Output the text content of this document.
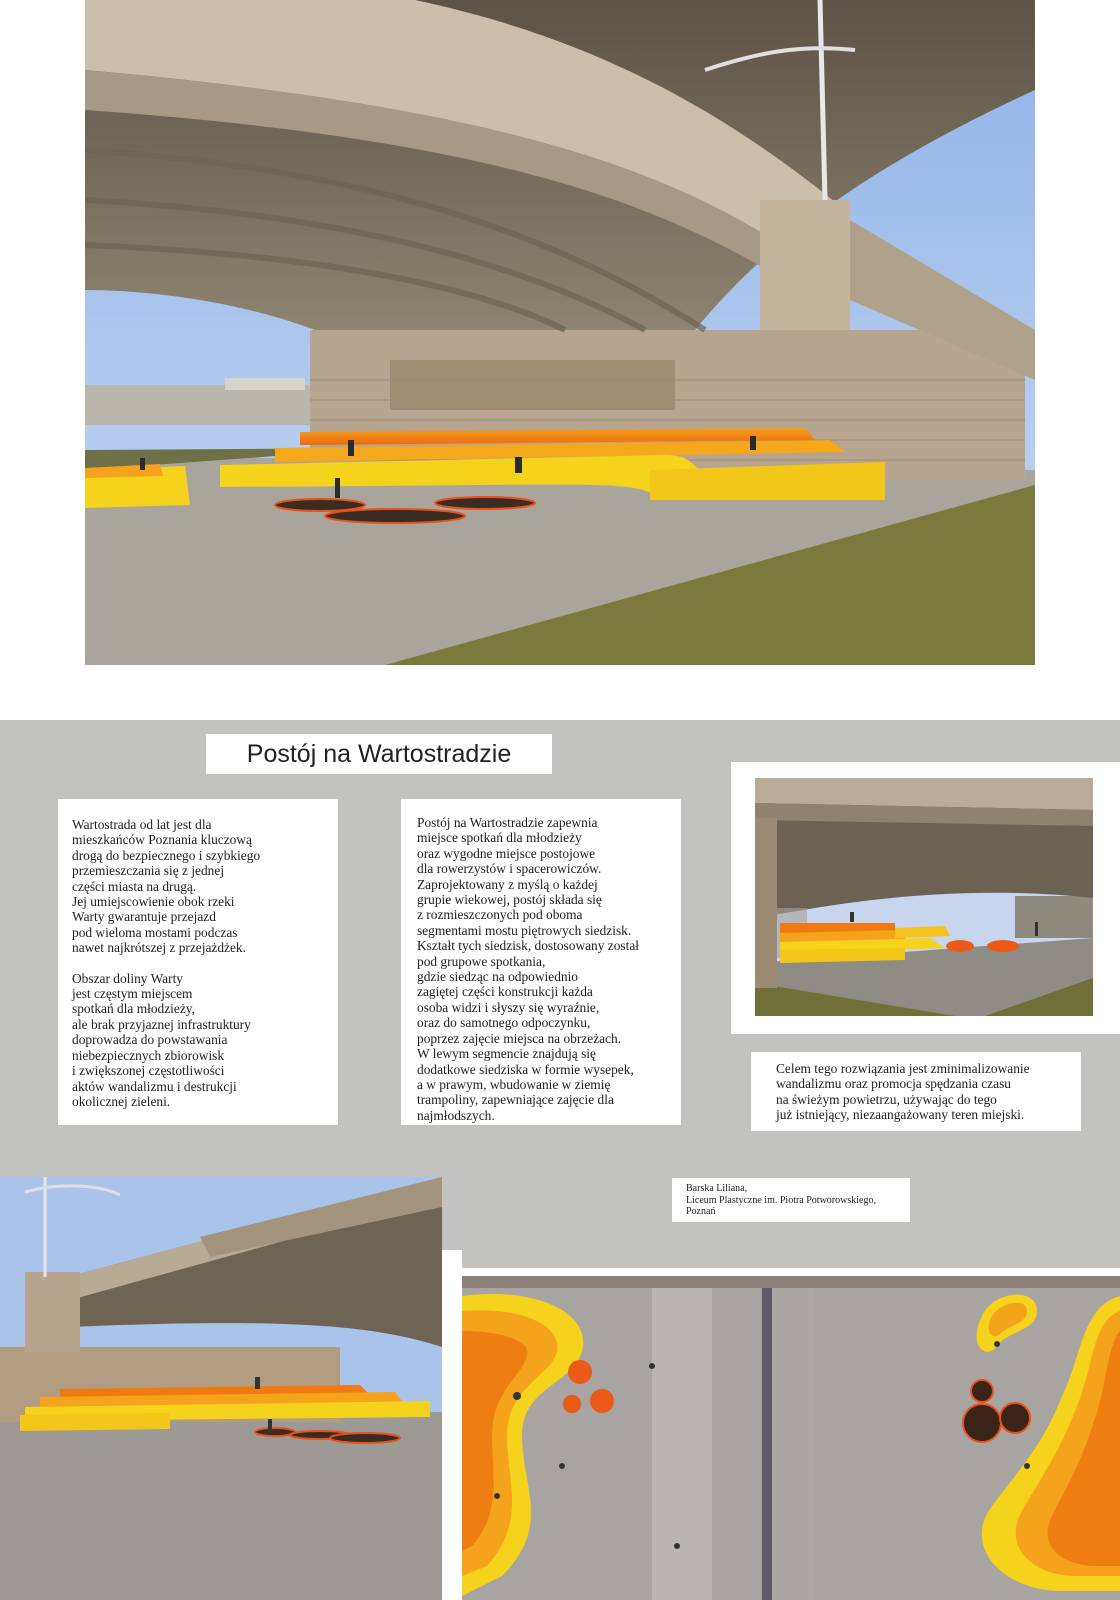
Postój na Wartostradzie

Wartostrada od lat jest dla
mieszkańców Poznania kluczową
drogą do bezpiecznego i szybkiego
przemieszczania się z jednej
części miasta na drugą.
Jej umiejscowienie obok rzeki
Warty gwarantuje przejazd
pod wieloma mostami podczas
nawet najkrótszej z przejażdżek.

Obszar doliny Warty
jest częstym miejscem
spotkań dla młodzieży,
ale brak przyjaznej infrastruktury
doprowadza do powstawania
niebezpiecznych zbiorowisk
i zwiększonej częstotliwości
aktów wandalizmu i destrukcji
okolicznej zieleni.

Postój na Wartostradzie zapewnia
miejsce spotkań dla młodzieży
oraz wygodne miejsce postojowe
dla rowerzystów i spacerowiczów.
Zaprojektowany z myślą o każdej
grupie wiekowej, postój składa się
z rozmieszczonych pod oboma
segmentami mostu piętrowych siedzisk.
Kształt tych siedzisk, dostosowany został
pod grupowe spotkania,
gdzie siedząc na odpowiednio
zagiętej części konstrukcji każda
osoba widzi i słyszy się wyraźnie,
oraz do samotnego odpoczynku,
poprzez zajęcie miejsca na obrzeżach.
W lewym segmencie znajdują się
dodatkowe siedziska w formie wysepek,
a w prawym, wbudowanie w ziemię
trampoliny, zapewniające zajęcie dla
najmłodszych.

Celem tego rozwiązania jest zminimalizowanie
wandalizmu oraz promocja spędzania czasu
na świeżym powietrzu, używając do tego
już istniejący, niezaangażowany teren miejski.

Barska Liliana,
Liceum Plastyczne im. Piotra Potworowskiego,
Poznań
